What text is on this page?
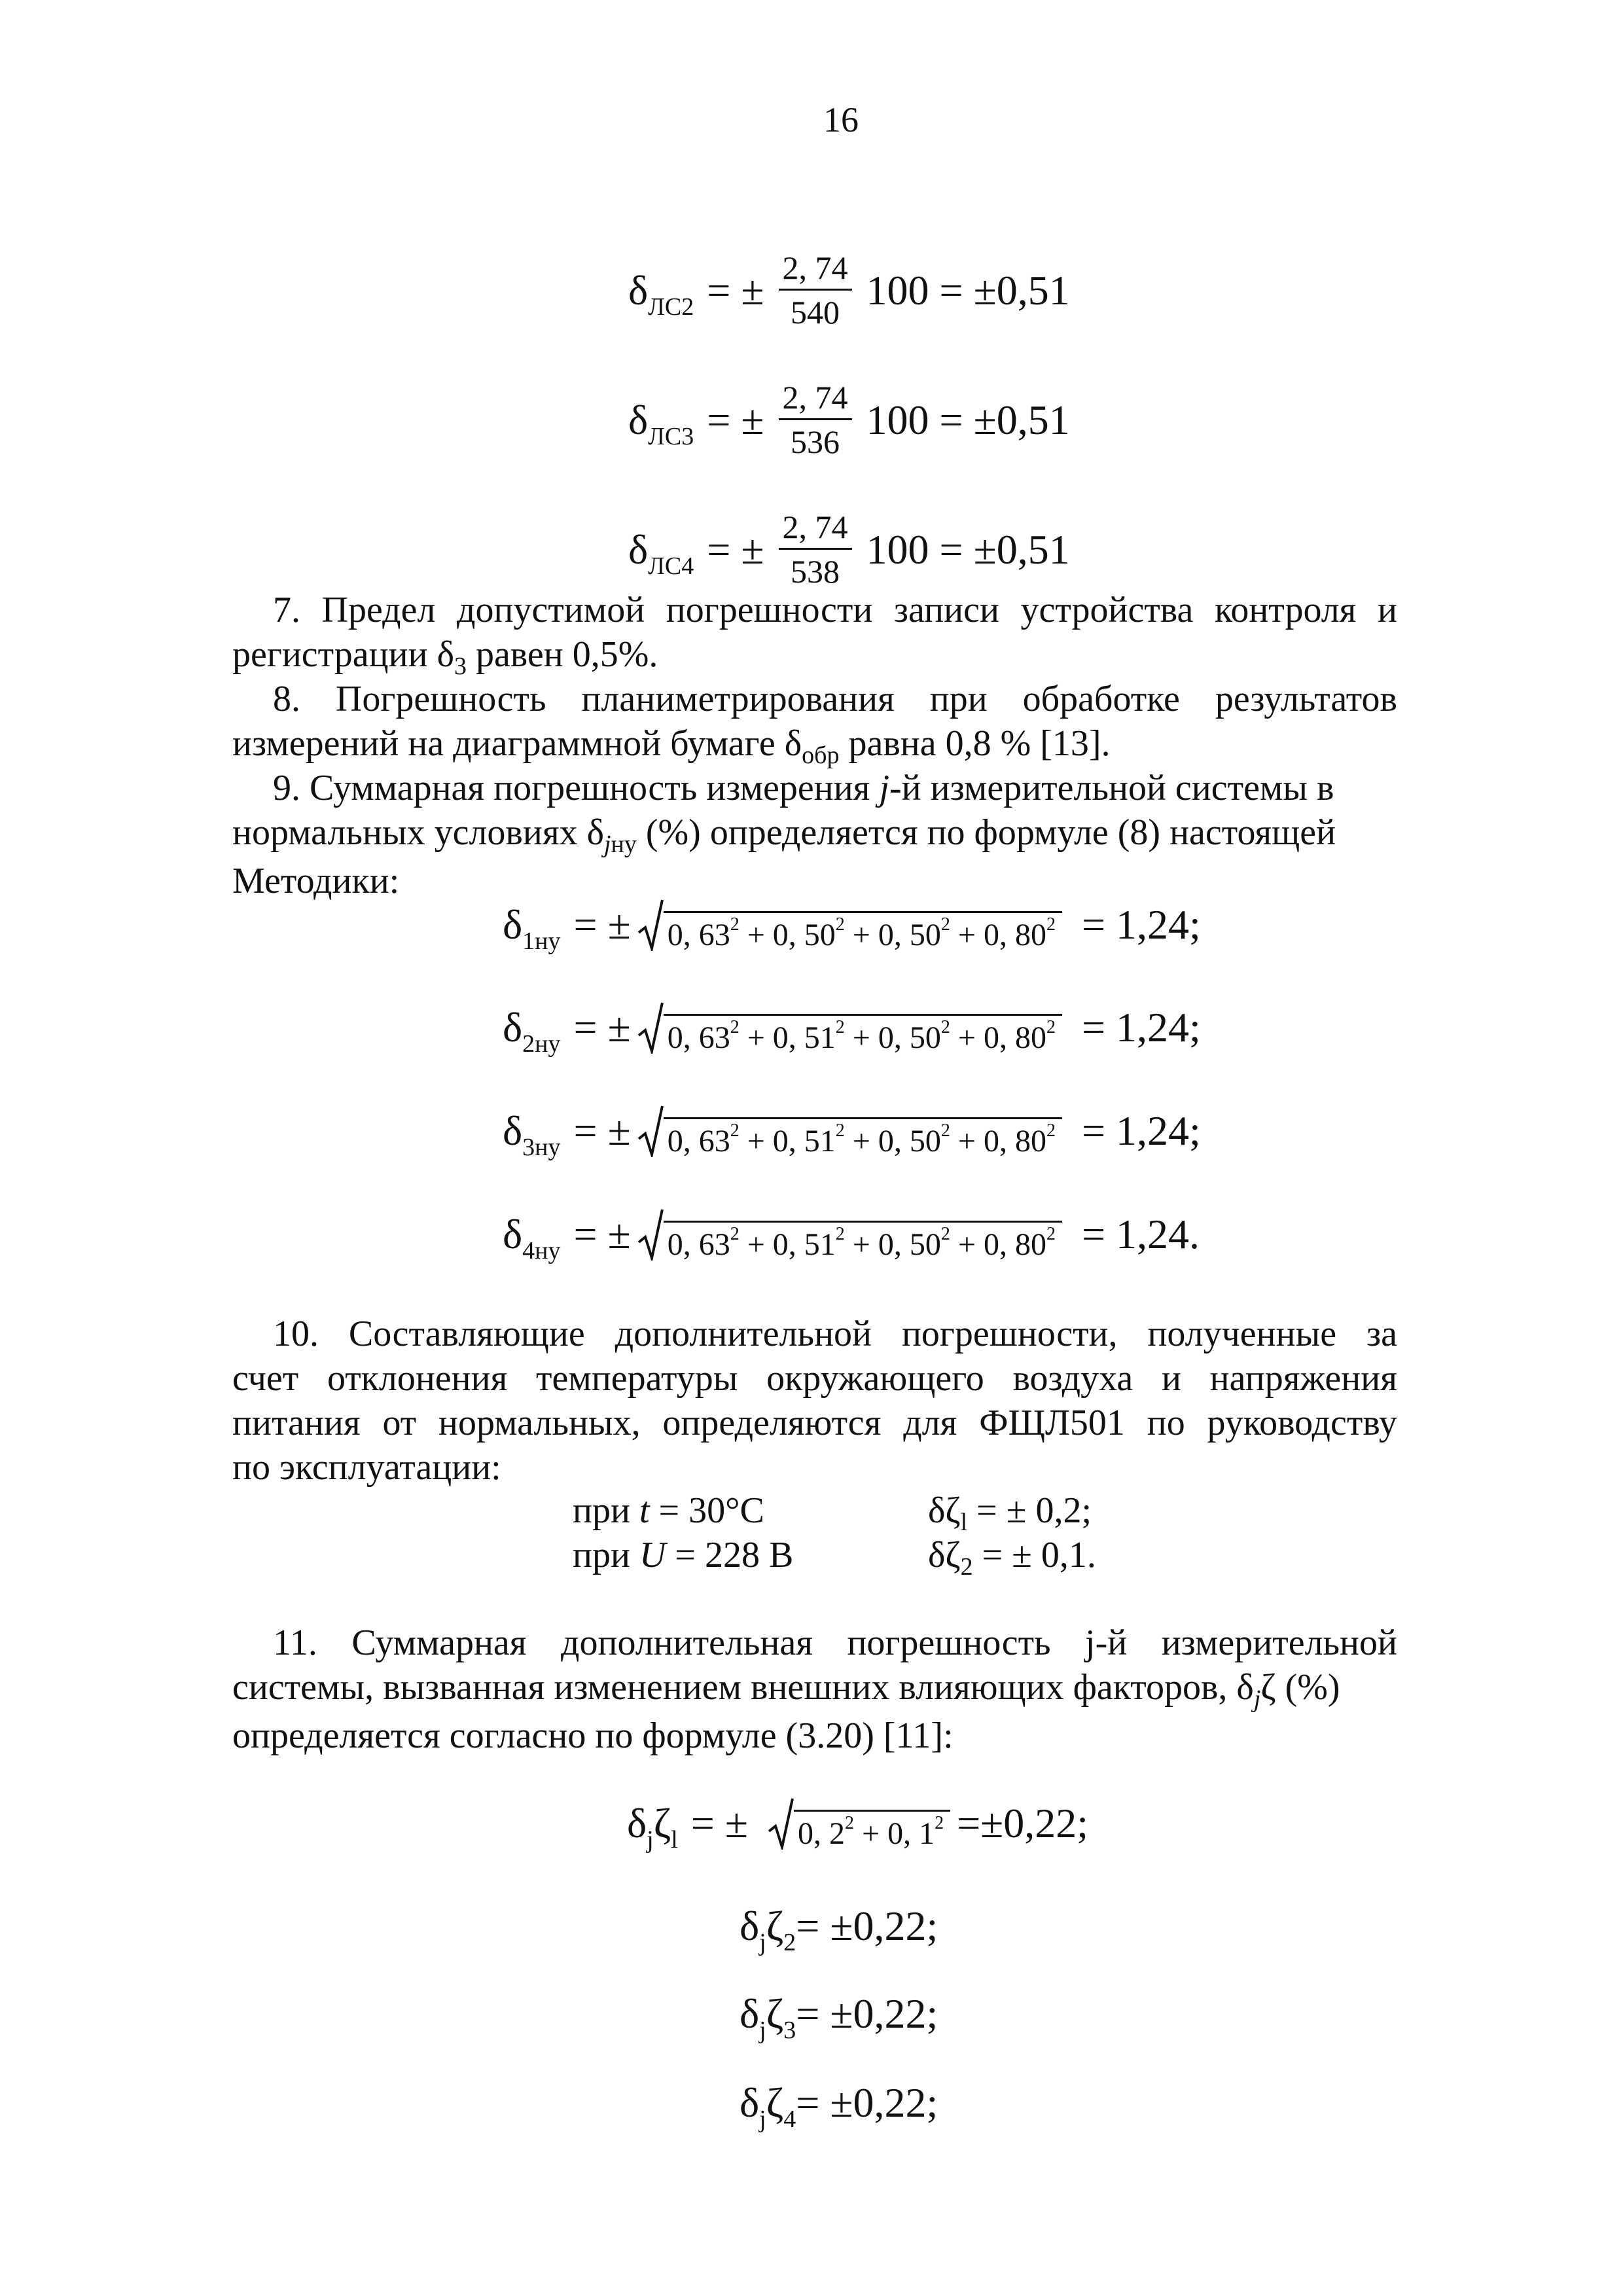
16
δ ЛС2 = ± $\frac{2, 74}{540} 100 = \pm 0,51$
δ ЛС3 = ± $\frac{2, 74}{536} 100 = \pm 0,51$
δ ЛС4 = ± $\frac{2, 74}{538} 100 = \pm 0,51$
7. Предел допустимой погрешности записи устройства контроля и
регистрации $\delta_3$ равен 0,5%.
8. Погрешность планиметрирования при обработке результатов
измерений на диаграммной бумаге $\delta_{обр}$ равна 0,8 % [13].
9. Суммарная погрешность измерения j-й измерительной системы в
нормальных условиях $\delta_{jну}$ (%) определяется по формуле (8) настоящей
Методики:
δ 1ну = ± 0, $63^2 + 0$, $50^2 + 0$, $50^2 + 0$, $80^2 = 1,24$;
δ 2ну = ± 0, $63^2 + 0$, $51^2 + 0$, $50^2 + 0$, $80^2 = 1,24$;
δ 3ну = ± 0, $63^2 + 0$, $51^2 + 0$, $50^2 + 0$, $80^2 = 1,24$;
δ 4ну = ± 0, $63^2 + 0$, $51^2 + 0$, $50^2 + 0$, $80^2 = 1,24$.
10. Составляющие дополнительной погрешности, полученные за
счет отклонения температуры окружающего воздуха и напряжения
питания от нормальных, определяются для ФЩЛ501 по руководству
по эксплуатации:
при t = 30°C	$\delta\zeta_l$ = ± 0,2;
при U = 228 В	$\delta\zeta_2$ = ± 0,1.
11. Суммарная дополнительная погрешность j-й измерительной
системы, вызванная изменением внешних влияющих факторов, $\delta_j\zeta$ (%)
определяется согласно по формуле (3.20) [11]:
δ j ζ l = ± 0, $2^2 + 0$, $1^2 =\pm 0,22$;
δ j ζ 2 = ±0,22;
δ j ζ 3 = ±0,22;
δ j ζ 4 = ±0,22;
